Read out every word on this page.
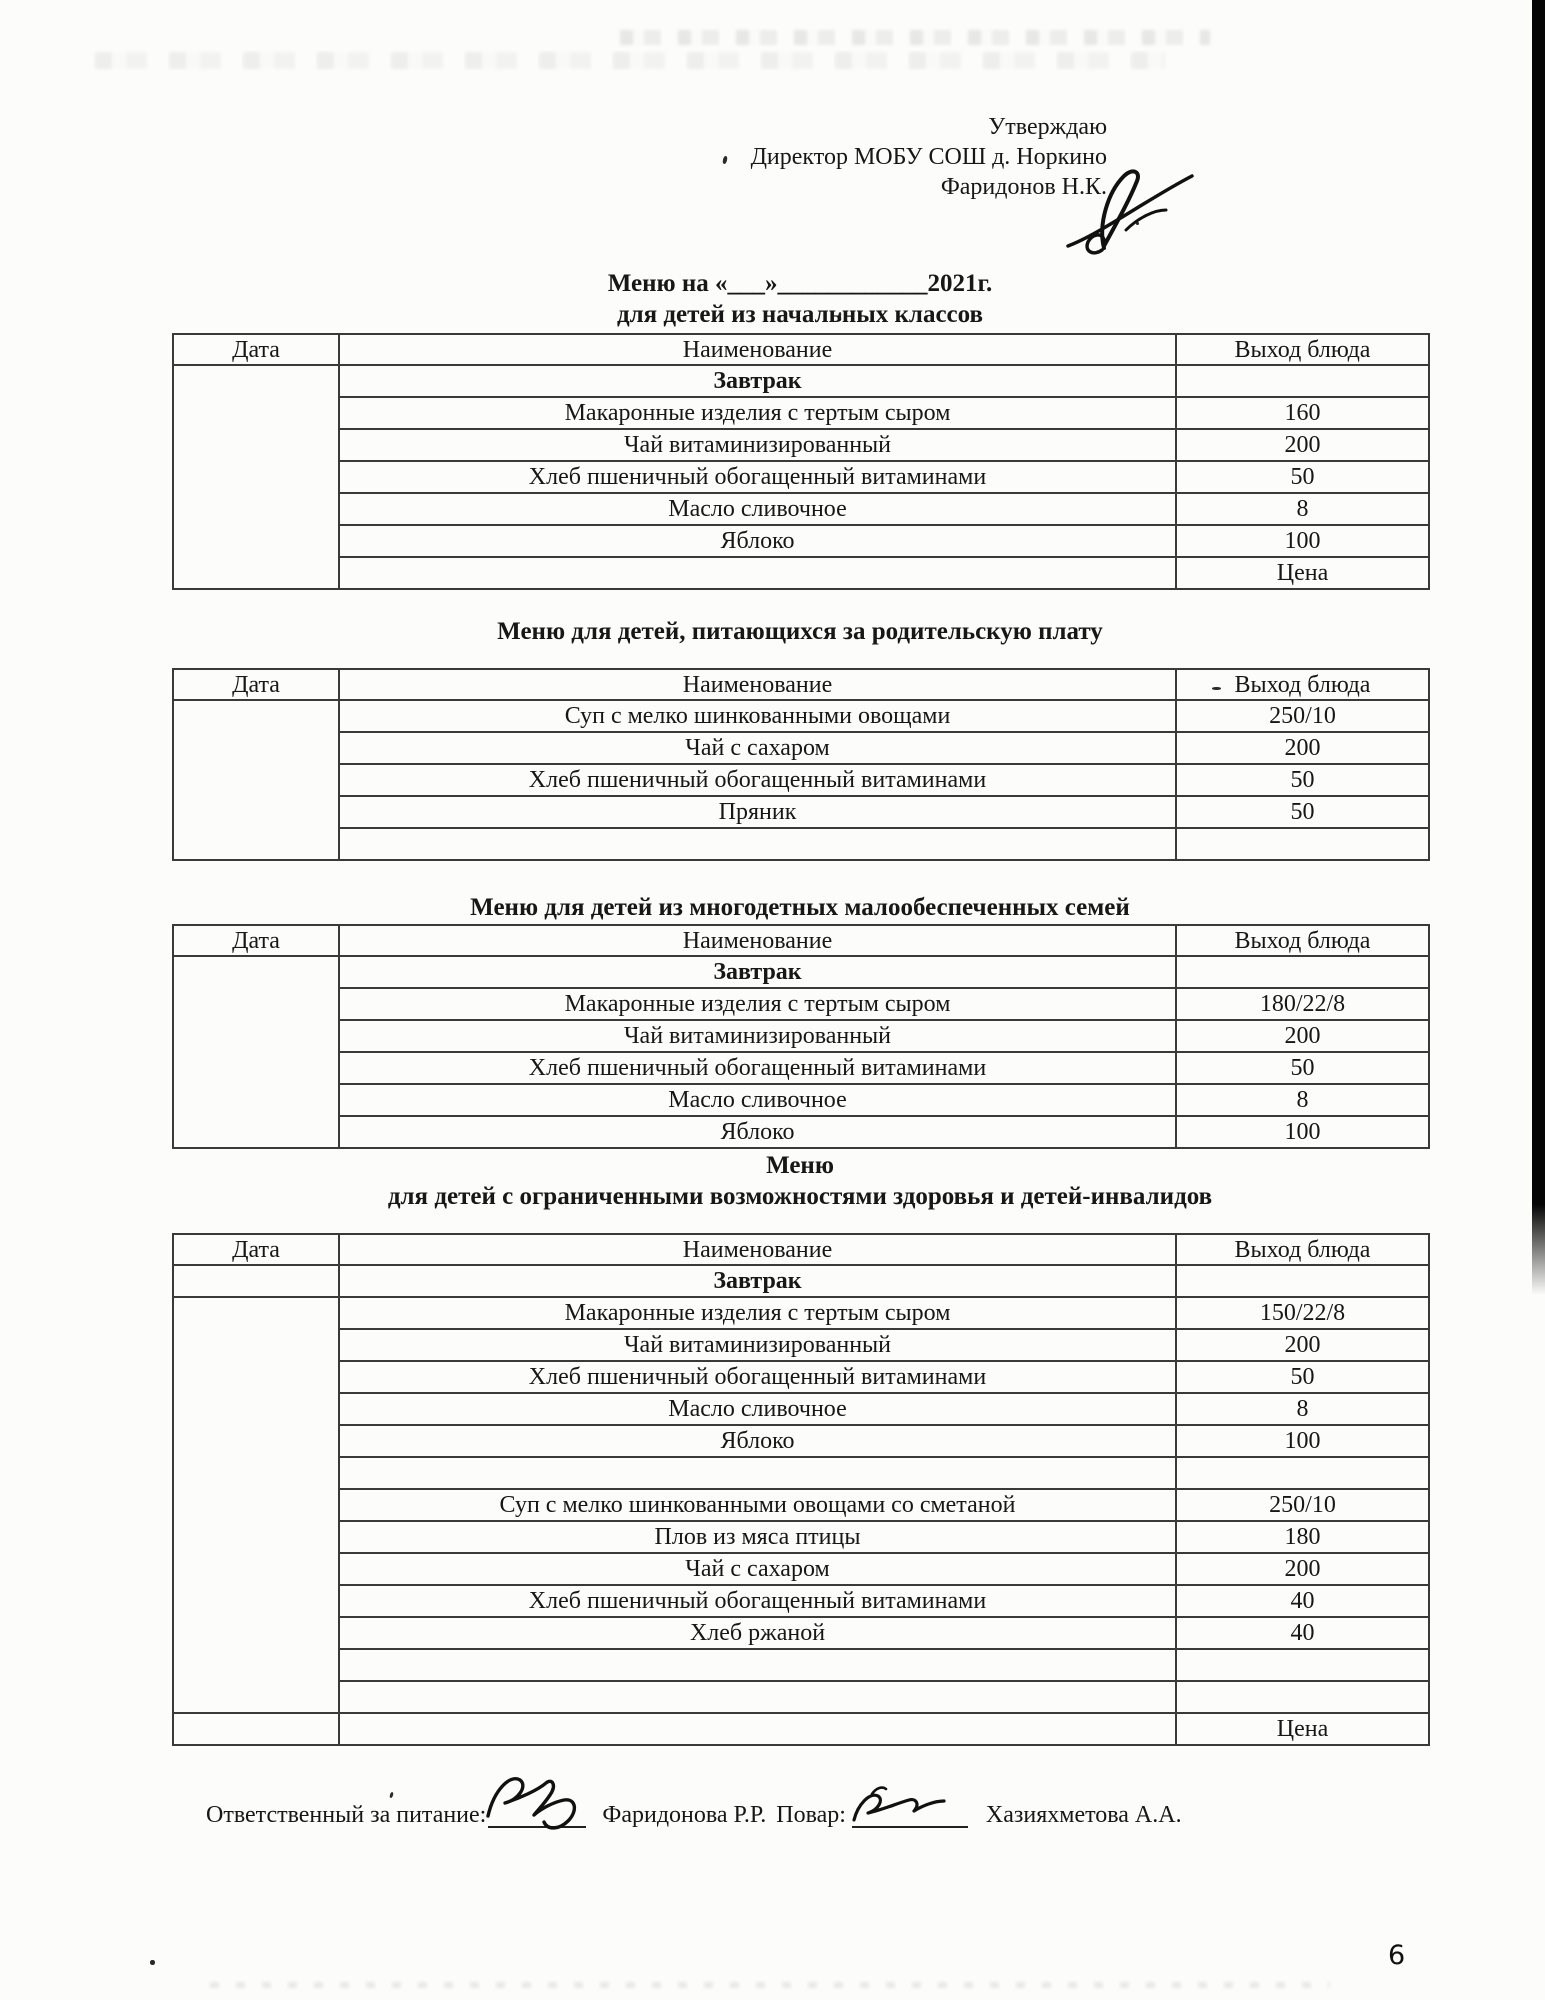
Утверждаю
Директор МОБУ СОШ д. Норкино
Фаридонов Н.К.
Меню на «___»____________2021г.
для детей из начальных классов
Дата	Наименование	Выход блюда
	Завтрак	
	Макаронные изделия с тертым сыром	160
	Чай витаминизированный	200
	Хлеб пшеничный обогащенный витаминами	50
	Масло сливочное	8
	Яблоко	100
		Цена
Меню для детей, питающихся за родительскую плату
Дата	Наименование	Выход блюда
	Суп с мелко шинкованными овощами	250/10
	Чай с сахаром	200
	Хлеб пшеничный обогащенный витаминами	50
	Пряник	50

Меню для детей из многодетных малообеспеченных семей
Дата	Наименование	Выход блюда
	Завтрак	
	Макаронные изделия с тертым сыром	180/22/8
	Чай витаминизированный	200
	Хлеб пшеничный обогащенный витаминами	50
	Масло сливочное	8
	Яблоко	100
Меню
для детей с ограниченными возможностями здоровья и детей-инвалидов
Дата	Наименование	Выход блюда
	Завтрак	
	Макаронные изделия с тертым сыром	150/22/8
	Чай витаминизированный	200
	Хлеб пшеничный обогащенный витаминами	50
	Масло сливочное	8
	Яблоко	100

	Суп с мелко шинкованными овощами со сметаной	250/10
	Плов из мяса птицы	180
	Чай с сахаром	200
	Хлеб пшеничный обогащенный витаминами	40
	Хлеб ржаной	40

		Цена
Ответственный за питание:	Фаридонова Р.Р. Повар:	Хазияхметова А.А.
6
